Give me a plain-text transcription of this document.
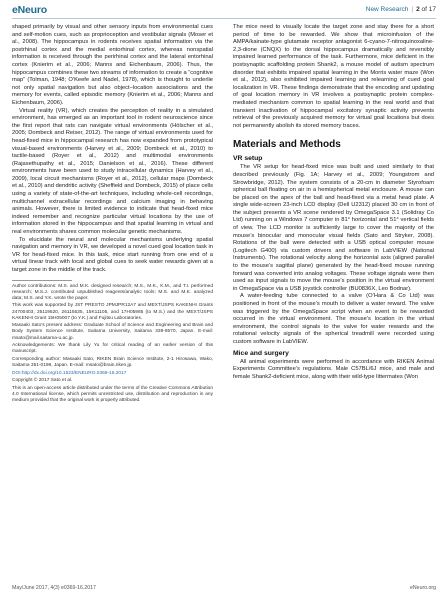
eNeuro	New Research | 2 of 17

shaped primarily by visual and other sensory inputs from environmental cues and self-motion cues, such as proprioception and vestibular signals (Moser et al., 2008). The hippocampus in rodents receives spatial information via the postrhinal cortex and the medial entorhinal cortex, whereas nonspatial information is received through the perirhinal cortex and the lateral entorhinal cortex (Knierim et al., 2006; Manns and Eichenbaum, 2006). Thus, the hippocampus combines these two streams of information to create a “cognitive map” (Tolman, 1948; O’Keefe and Nadel, 1978), which is thought to underlie not only spatial navigation but also object–location associations and the memory for events, called episodic memory (Knierim et al., 2006; Manns and Eichenbaum, 2006).

Virtual reality (VR), which creates the perception of reality in a simulated environment, has emerged as an important tool in rodent neuroscience since the first report that rats can navigate virtual environments (Hölscher et al., 2005; Dombeck and Reiser, 2012). The range of virtual environments used for head-fixed mice in hippocampal research has now expanded from prototypical visual-based environments (Harvey et al., 2009; Dombeck et al., 2010) to tactile-based (Royer et al., 2012) and multimodal environments (Rajasethupathy et al., 2015; Danielson et al., 2016). These different environments have been used to study intracellular dynamics (Harvey et al., 2009), local circuit mechanisms (Royer et al., 2012), cellular maps (Dombeck et al., 2010) and dendritic activity (Sheffield and Dombeck, 2015) of place cells using a variety of state-of-the-art techniques, including whole-cell recordings, multichannel extracellular recordings and calcium imaging in behaving animals. However, there is limited evidence to indicate that head-fixed mice indeed remember and recognize particular virtual locations by the use of information stored in the hippocampus and that spatial learning in virtual and real environments shares common molecular genetic mechanisms.

To elucidate the neural and molecular mechanisms underlying spatial navigation and memory in VR, we developed a novel cued goal location task in VR for head-fixed mice. In this task, mice start running from one end of a virtual linear track with local and global cues to seek water rewards given at a target zone in the middle of the track.

Author contributions: M.S. and M.K. designed research; M.S., M.K., K.M., and T.I. performed research; M.S.J. contributed unpublished reagents/analytic tools; M.S. and M.K. analyzed data; M.S. and Y.K. wrote the paper.

This work was supported by JST PRESTO JPMJPR12A7 and MEXT/JSPS KAKENHI Grants 24700403, 25119520, 26115535, 15K11105, and 17H05985 (to M.S.) and the MEXT/JSPS KAKENHI Grant 15H05007 (to Y.K.) and Fujitsu Laboratories.

Masaaki Sato’s present address: Graduate School of Science and Engineering and Brain and Body System Science Institute, Saitama University, Saitama 338-8570, Japan. E-mail: msato@mail.saitama-u.ac.jp.

Acknowledgements: We thank Lily Yu for critical reading of an earlier version of this manuscript.

Corresponding author: Masaaki Sato, RIKEN Brain Science Institute, 2-1 Hirosawa, Wako, Saitama 351-0198, Japan. E-mail: msato@brain.riken.jp.

DOI:http://dx.doi.org/10.1523/ENEURO.0369-16.2017

Copyright © 2017 Sato et al.

This is an open-access article distributed under the terms of the Creative Commons Attribution 4.0 International license, which permits unrestricted use, distribution and reproduction in any medium provided that the original work is properly attributed.

The mice need to visually locate the target zone and stay there for a short period of time to be rewarded. We show that microinfusion of the AMPA/kainate-type glutamate receptor antagonist 6-cyano-7-nitroquinoxaline-2,3-dione (CNQX) to the dorsal hippocampus dramatically and reversibly impaired learned performance of the task. Furthermore, mice deficient in the postsynaptic scaffolding protein Shank2, a mouse model of autism spectrum disorder that exhibits impaired spatial learning in the Morris water maze (Won et al., 2012), also exhibited impaired learning and relearning of cued goal localization in VR. These findings demonstrate that the encoding and updating of goal location memory in VR involves a postsynaptic protein complex-mediated mechanism common to spatial learning in the real world and that transient inactivation of hippocampal excitatory synaptic activity prevents retrieval of the previously acquired memory for virtual goal locations but does not permanently abolish its stored memory traces.

Materials and Methods
VR setup

The VR setup for head-fixed mice was built and used similarly to that described previously (Fig. 1A; Harvey et al., 2009; Youngstrom and Strowbridge, 2012). The system consists of a 20-cm in diameter Styrofoam spherical ball floating on air in a hemispherical metal enclosure. A mouse can be placed on the apex of the ball and head-fixed via a metal head plate. A single wide-screen 23-inch LCD display (Dell U2312) placed 30 cm in front of the subject presents a VR scene rendered by OmegaSpace 3.1 (Solidray Co Ltd) running on a Windows 7 computer in 81° horizontal and 51° vertical fields of view. The LCD monitor is sufficiently large to cover the majority of the mouse’s binocular and monocular visual fields (Sato and Stryker, 2008). Rotations of the ball were detected with a USB optical computer mouse (Logitech G400) via custom drivers and software in LabVIEW (National Instruments). The rotational velocity along the horizontal axis (aligned parallel to the mouse’s sagittal plane) generated by the head-fixed mouse running forward was converted into analog voltages. These voltage signals were then used as input signals to move the mouse’s position in the virtual environment in OmegaSpace via a USB joystick controller (BU0836X, Leo Bodnar).

A water-feeding tube connected to a valve (O’Hara & Co Ltd) was positioned in front of the mouse’s mouth to deliver a water reward. The valve was triggered by the OmegaSpace script when an event to be rewarded occurred in the virtual environment. The mouse’s location in the virtual environment, the control signals to the valve for water rewards and the rotational velocity signals of the spherical treadmill were recorded using custom software in LabVIEW.

Mice and surgery

All animal experiments were performed in accordance with RIKEN Animal Experiments Committee’s regulations. Male C57BL/6J mice, and male and female Shank2-deficient mice, along with their wild-type littermates (Won

May/June 2017, 4(3) e0369-16.2017	eNeuro.org
